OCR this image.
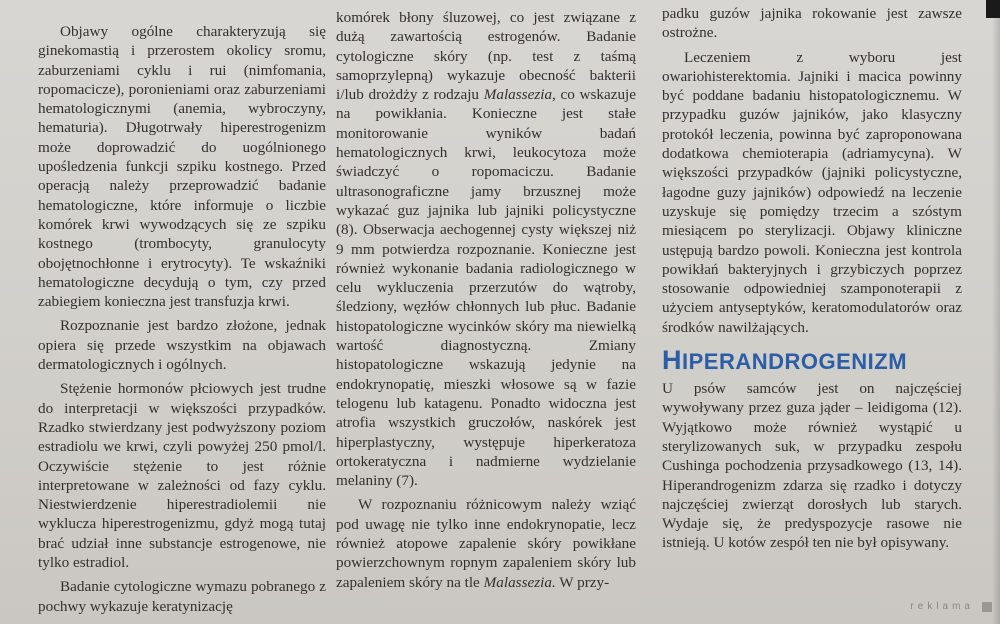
Objawy ogólne charakteryzują się ginekomastią i przerostem okolicy sromu, zaburzeniami cyklu i rui (nimfomania, ropomacicze), poronieniami oraz zaburzeniami hematologicznymi (anemia, wybroczyny, hematuria). Długotrwały hiperestrogenizm może doprowadzić do uogólnionego upośledzenia funkcji szpiku kostnego. Przed operacją należy przeprowadzić badanie hematologiczne, które informuje o liczbie komórek krwi wywodzących się ze szpiku kostnego (trombocyty, granulocyty obojętnochłonne i erytrocyty). Te wskaźniki hematologiczne decydują o tym, czy przed zabiegiem konieczna jest transfuzja krwi.

Rozpoznanie jest bardzo złożone, jednak opiera się przede wszystkim na objawach dermatologicznych i ogólnych.

Stężenie hormonów płciowych jest trudne do interpretacji w większości przypadków. Rzadko stwierdzany jest podwyższony poziom estradiolu we krwi, czyli powyżej 250 pmol/l. Oczywiście stężenie to jest różnie interpretowane w zależności od fazy cyklu. Niestwierdzenie hiperestradiolemii nie wyklucza hiperestrogenizmu, gdyż mogą tutaj brać udział inne substancje estrogenowe, nie tylko estradiol.

Badanie cytologiczne wymazu pobranego z pochwy wykazuje keratynizację

komórek błony śluzowej, co jest związane z dużą zawartością estrogenów. Badanie cytologiczne skóry (np. test z taśmą samoprzylepną) wykazuje obecność bakterii i/lub drożdży z rodzaju Malassezia, co wskazuje na powikłania. Konieczne jest stałe monitorowanie wyników badań hematologicznych krwi, leukocytoza może świadczyć o ropomaciczu. Badanie ultrasonograficzne jamy brzusznej może wykazać guz jajnika lub jajniki policystyczne (8). Obserwacja aechogennej cysty większej niż 9 mm potwierdza rozpoznanie. Konieczne jest również wykonanie badania radiologicznego w celu wykluczenia przerzutów do wątroby, śledziony, węzłów chłonnych lub płuc. Badanie histopatologiczne wycinków skóry ma niewielką wartość diagnostyczną. Zmiany histopatologiczne wskazują jedynie na endokrynopatię, mieszki włosowe są w fazie telogenu lub katagenu. Ponadto widoczna jest atrofia wszystkich gruczołów, naskórek jest hiperplastyczny, występuje hiperkeratoza ortokeratyczna i nadmierne wydzielanie melaniny (7).

W rozpoznaniu różnicowym należy wziąć pod uwagę nie tylko inne endokrynopatie, lecz również atopowe zapalenie skóry powikłane powierzchownym ropnym zapaleniem skóry lub zapaleniem skóry na tle Malassezia. W przy-

padku guzów jajnika rokowanie jest zawsze ostrożne.

Leczeniem z wyboru jest owariohisterektomia. Jajniki i macica powinny być poddane badaniu histopatologicznemu. W przypadku guzów jajników, jako klasyczny protokół leczenia, powinna być zaproponowana dodatkowa chemioterapia (adriamycyna). W większości przypadków (jajniki policystyczne, łagodne guzy jajników) odpowiedź na leczenie uzyskuje się pomiędzy trzecim a szóstym miesiącem po sterylizacji. Objawy kliniczne ustępują bardzo powoli. Konieczna jest kontrola powikłań bakteryjnych i grzybiczych poprzez stosowanie odpowiedniej szamponoterapii z użyciem antyseptyków, keratomodulatorów oraz środków nawilżających.

HIPERANDROGENIZM

U psów samców jest on najczęściej wywoływany przez guza jąder – leidigoma (12). Wyjątkowo może również wystąpić u sterylizowanych suk, w przypadku zespołu Cushinga pochodzenia przysadkowego (13, 14). Hiperandrogenizm zdarza się rzadko i dotyczy najczęściej zwierząt dorosłych lub starych. Wydaje się, że predyspozycje rasowe nie istnieją. U kotów zespół ten nie był opisywany.

reklama
